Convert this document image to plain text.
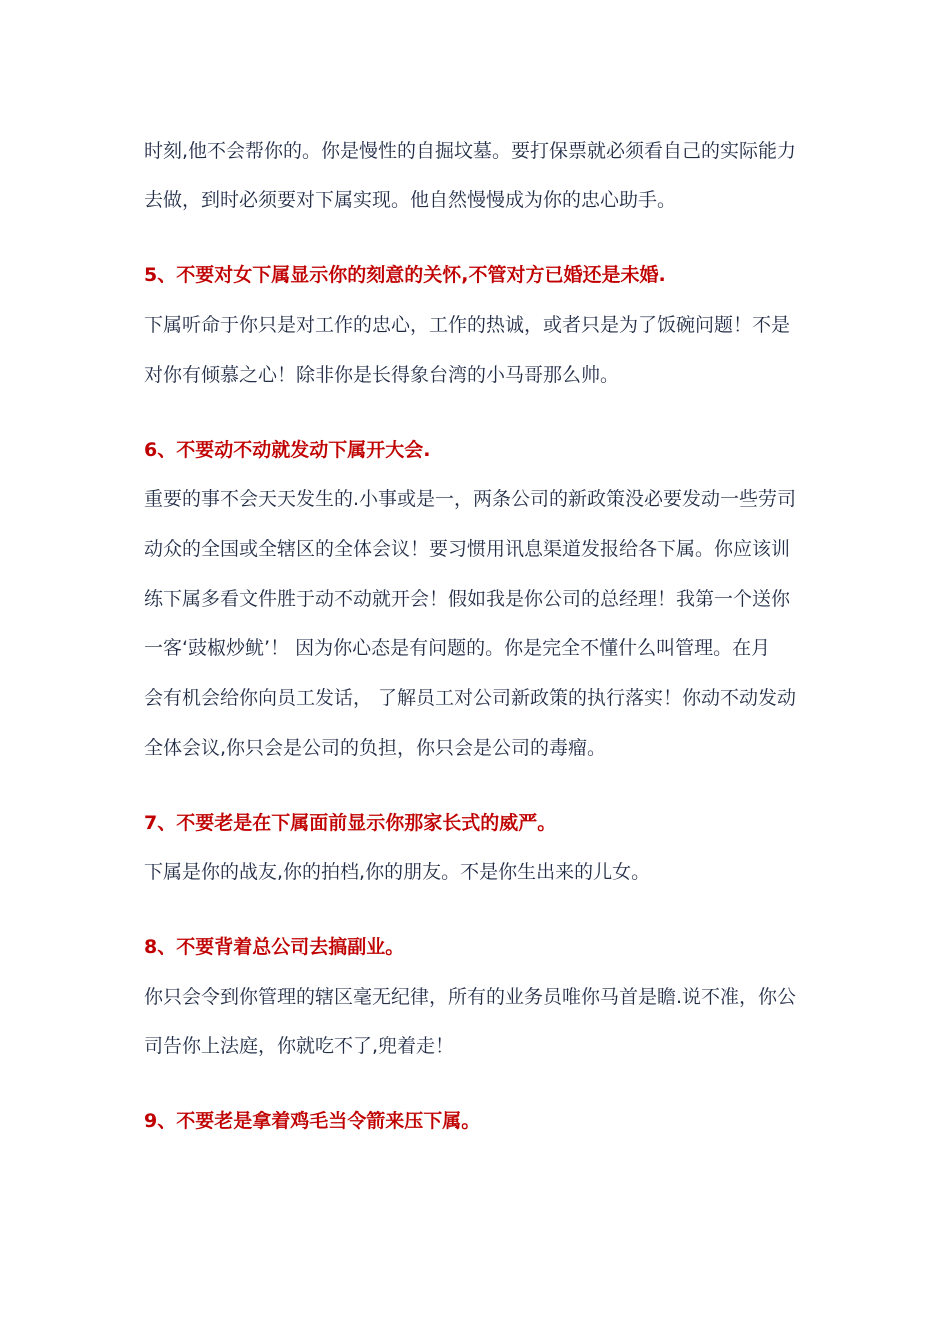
时刻,他不会帮你的。你是慢性的自掘坟墓。要打保票就必须看自己的实际能力
去做，到时必须要对下属实现。他自然慢慢成为你的忠心助手。
5、不要对女下属显示你的刻意的关怀,不管对方已婚还是未婚.
下属听命于你只是对工作的忠心，工作的热诚，或者只是为了饭碗问题！不是
对你有倾慕之心！除非你是长得象台湾的小马哥那么帅。
6、不要动不动就发动下属开大会.
重要的事不会天天发生的.小事或是一，两条公司的新政策没必要发动一些劳司
动众的全国或全辖区的全体会议！要习惯用讯息渠道发报给各下属。你应该训
练下属多看文件胜于动不动就开会！假如我是你公司的总经理！我第一个送你
一客‘豉椒炒鱿’！ 因为你心态是有问题的。你是完全不懂什么叫管理。在月
会有机会给你向员工发话， 了解员工对公司新政策的执行落实！你动不动发动
全体会议,你只会是公司的负担，你只会是公司的毒瘤。
7、不要老是在下属面前显示你那家长式的威严。
下属是你的战友,你的拍档,你的朋友。不是你生出来的儿女。
8、不要背着总公司去搞副业。
你只会令到你管理的辖区毫无纪律，所有的业务员唯你马首是瞻.说不准，你公
司告你上法庭，你就吃不了,兜着走！
9、不要老是拿着鸡毛当令箭来压下属。
